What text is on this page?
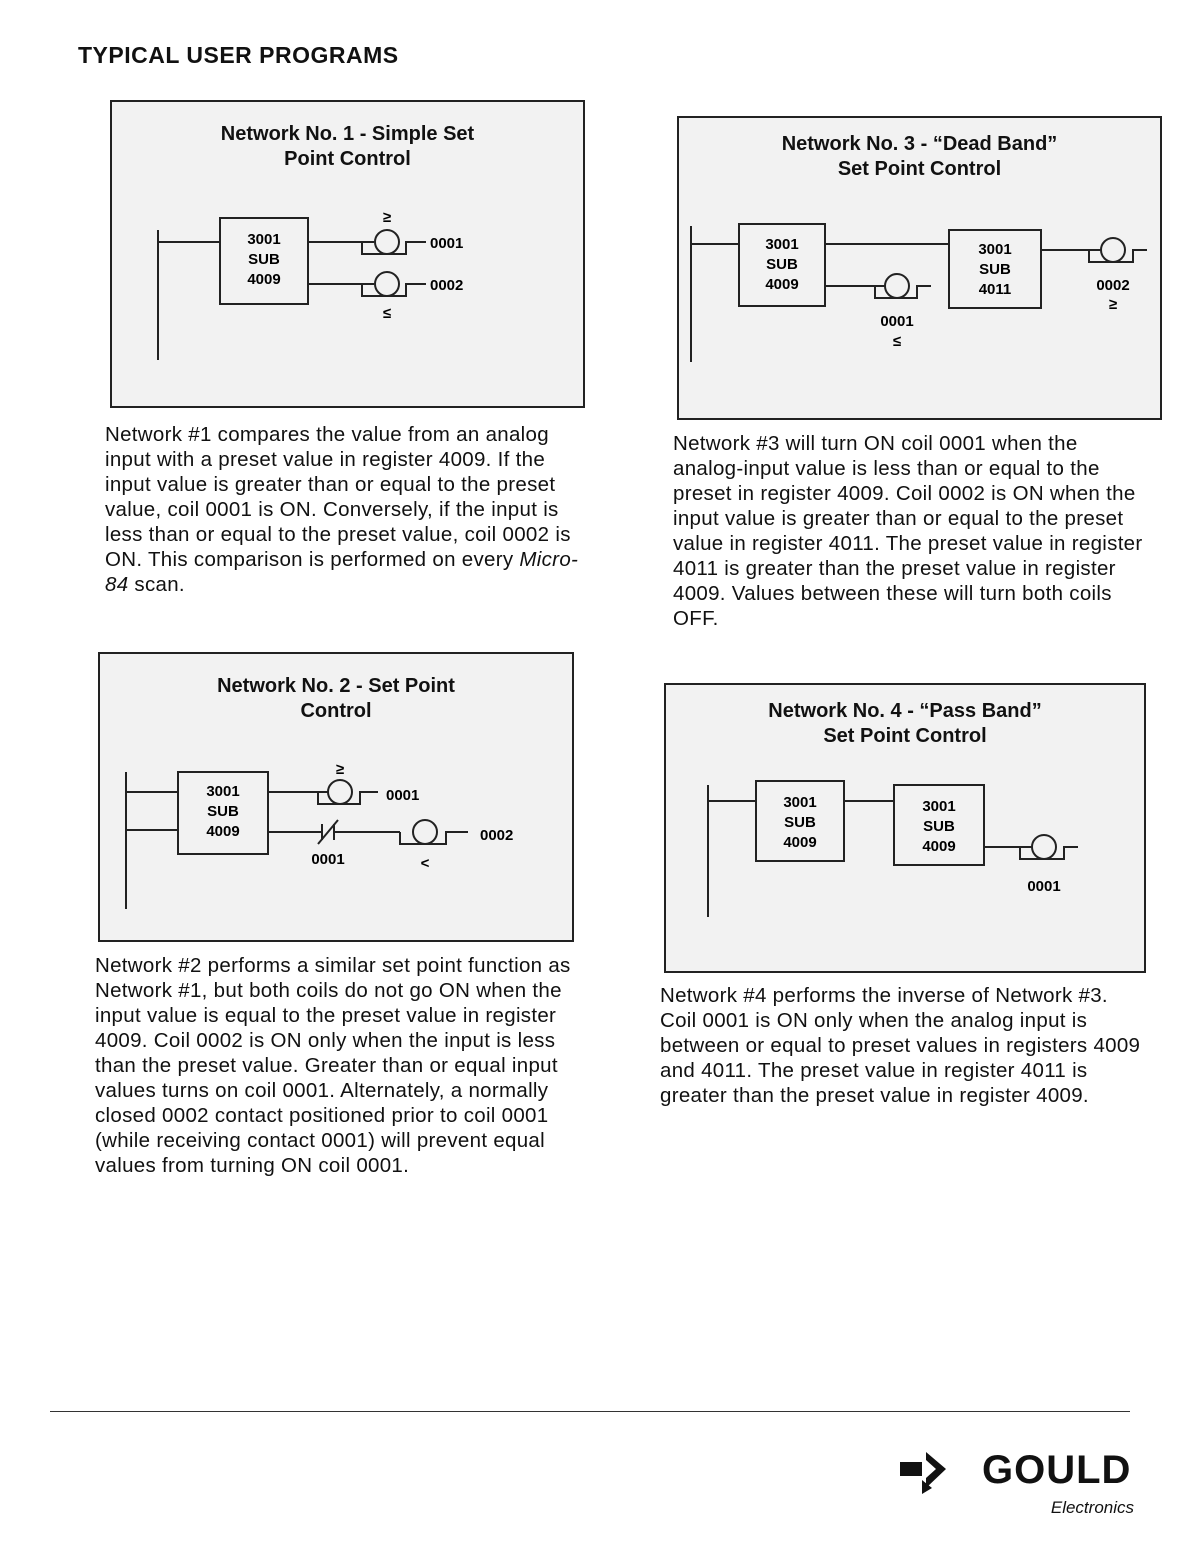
TYPICAL USER PROGRAMS
Network No. 1 - Simple Set
Point Control
3001
SUB
4009
≥
0001
0002
≤

Network #1 compares the value from an analog input with a preset value in register 4009. If the input value is greater than or equal to the preset value, coil 0001 is ON. Conversely, if the input is less than or equal to the preset value, coil 0002 is ON. This comparison is performed on every Micro-84 scan.

Network No. 2 - Set Point
Control
3001
SUB
4009
≥
0001
0001
0002
<

Network #2 performs a similar set point function as Network #1, but both coils do not go ON when the input value is equal to the preset value in register 4009. Coil 0002 is ON only when the input is less than the preset value. Greater than or equal input values turns on coil 0001. Alternately, a normally closed 0002 contact positioned prior to coil 0001 (while receiving contact 0001) will prevent equal values from turning ON coil 0001.

Network No. 3 - “Dead Band”
Set Point Control
3001
SUB
4009
3001
SUB
4011
0001
≤
0002
≥

Network #3 will turn ON coil 0001 when the analog-input value is less than or equal to the preset in register 4009. Coil 0002 is ON when the input value is greater than or equal to the preset value in register 4011. The preset value in register 4011 is greater than the preset value in register 4009. Values between these will turn both coils OFF.

Network No. 4 - “Pass Band”
Set Point Control
3001
SUB
4009
3001
SUB
4009
0001

Network #4 performs the inverse of Network #3. Coil 0001 is ON only when the analog input is between or equal to preset values in registers 4009 and 4011. The preset value in register 4011 is greater than the preset value in register 4009.

GOULD
Electronics
